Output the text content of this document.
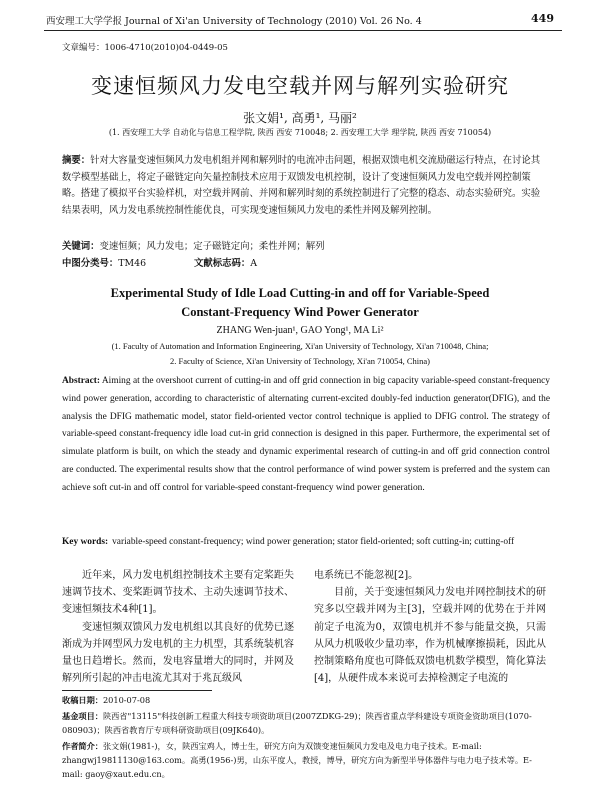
西安理工大学学报 Journal of Xi'an University of Technology (2010) Vol. 26 No. 4	449
文章编号：1006-4710(2010)04-0449-05
变速恒频风力发电空载并网与解列实验研究
张文娟¹, 高勇¹, 马丽²
(1. 西安理工大学 自动化与信息工程学院, 陕西 西安 710048; 2. 西安理工大学 理学院, 陕西 西安 710054)
摘要：针对大容量变速恒频风力发电机组并网和解列时的电流冲击问题，根据双馈电机交流励磁运行特点，在讨论其数学模型基础上，将定子磁链定向矢量控制技术应用于双馈发电机控制，设计了变速恒频风力发电空载并网控制策略。搭建了模拟平台实验样机，对空载并网前、并网和解列时刻的系统控制进行了完整的稳态、动态实验研究。实验结果表明，风力发电系统控制性能优良，可实现变速恒频风力发电的柔性并网及解列控制。
关键词：变速恒频；风力发电；定子磁链定向；柔性并网；解列
中图分类号：TM46	文献标志码：A
Experimental Study of Idle Load Cutting-in and off for Variable-Speed
Constant-Frequency Wind Power Generator
ZHANG Wen-juan¹, GAO Yong¹, MA Li²
(1. Faculty of Automation and Information Engineering, Xi'an University of Technology, Xi'an 710048, China;
2. Faculty of Science, Xi'an University of Technology, Xi'an 710054, China)
Abstract: Aiming at the overshoot current of cutting-in and off grid connection in big capacity variable-speed constant-frequency wind power generation, according to characteristic of alternating current-excited doubly-fed induction generator(DFIG), and the analysis the DFIG mathematic model, stator field-oriented vector control technique is applied to DFIG control. The strategy of variable-speed constant-frequency idle load cut-in grid connection is designed in this paper. Furthermore, the experimental set of simulate platform is built, on which the steady and dynamic experimental research of cutting-in and off grid connection control are conducted. The experimental results show that the control performance of wind power system is preferred and the system can achieve soft cut-in and off control for variable-speed constant-frequency wind power generation.
Key words: variable-speed constant-frequency; wind power generation; stator field-oriented; soft cutting-in; cutting-off

近年来，风力发电机组控制技术主要有定桨距失速调节技术、变桨距调节技术、主动失速调节技术、变速恒频技术4种[1]。

变速恒频双馈风力发电机组以其良好的优势已逐渐成为并网型风力发电机的主力机型，其系统装机容量也日趋增长。然而，发电容量增大的同时，并网及解列所引起的冲击电流尤其对于兆瓦级风

电系统已不能忽视[2]。

目前，关于变速恒频风力发电并网控制技术的研究多以空载并网为主[3]，空载并网的优势在于并网前定子电流为0，双馈电机并不参与能量交换，只需从风力机吸收少量功率，作为机械摩擦损耗，因此从控制策略角度也可降低双馈电机数学模型，简化算法[4]，从硬件成本来说可去掉检测定子电流的

收稿日期：2010-07-08
基金项目：陕西省"13115"科技创新工程重大科技专项资助项目(2007ZDKG-29)；陕西省重点学科建设专项资金资助项目(1070-080903)；陕西省教育厅专项科研资助项目(09JK640)。
作者简介：张文娟(1981-)，女，陕西宝鸡人，博士生，研究方向为双馈变速恒频风力发电及电力电子技术。E-mail: zhangwj19811130@163.com。高勇(1956-)男，山东平度人，教授，博导，研究方向为新型半导体器件与电力电子技术等。E-mail: gaoy@xaut.edu.cn。
